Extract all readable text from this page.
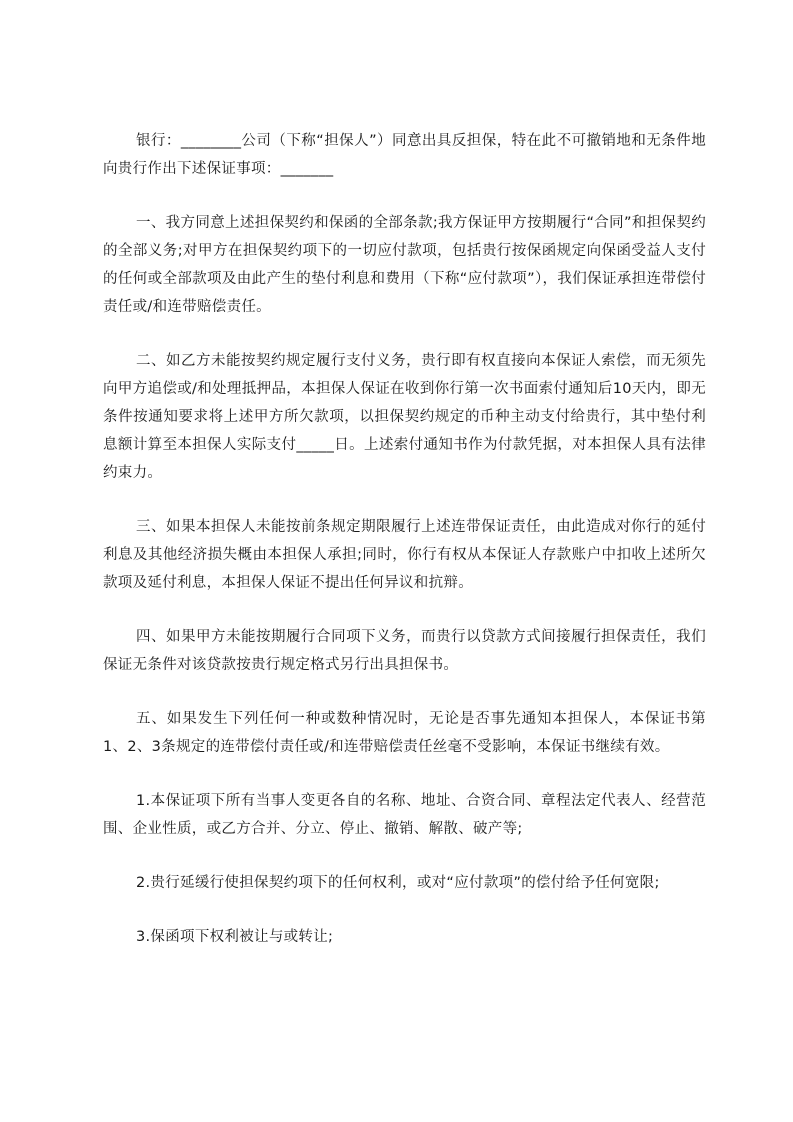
银行：________公司（下称“担保人”）同意出具反担保，特在此不可撤销地和无条件地向贵行作出下述保证事项：_______

一、我方同意上述担保契约和保函的全部条款;我方保证甲方按期履行“合同”和担保契约的全部义务;对甲方在担保契约项下的一切应付款项，包括贵行按保函规定向保函受益人支付的任何或全部款项及由此产生的垫付利息和费用（下称“应付款项”），我们保证承担连带偿付责任或/和连带赔偿责任。

二、如乙方未能按契约规定履行支付义务，贵行即有权直接向本保证人索偿，而无须先向甲方追偿或/和处理抵押品，本担保人保证在收到你行第一次书面索付通知后10天内，即无条件按通知要求将上述甲方所欠款项，以担保契约规定的币种主动支付给贵行，其中垫付利息额计算至本担保人实际支付_____日。上述索付通知书作为付款凭据，对本担保人具有法律约束力。

三、如果本担保人未能按前条规定期限履行上述连带保证责任，由此造成对你行的延付利息及其他经济损失概由本担保人承担;同时，你行有权从本保证人存款账户中扣收上述所欠款项及延付利息，本担保人保证不提出任何异议和抗辩。

四、如果甲方未能按期履行合同项下义务，而贵行以贷款方式间接履行担保责任，我们保证无条件对该贷款按贵行规定格式另行出具担保书。

五、如果发生下列任何一种或数种情况时，无论是否事先通知本担保人，本保证书第1、2、3条规定的连带偿付责任或/和连带赔偿责任丝毫不受影响，本保证书继续有效。

1.本保证项下所有当事人变更各自的名称、地址、合资合同、章程法定代表人、经营范围、企业性质，或乙方合并、分立、停止、撤销、解散、破产等;

2.贵行延缓行使担保契约项下的任何权利，或对“应付款项”的偿付给予任何宽限;

3.保函项下权利被让与或转让;
